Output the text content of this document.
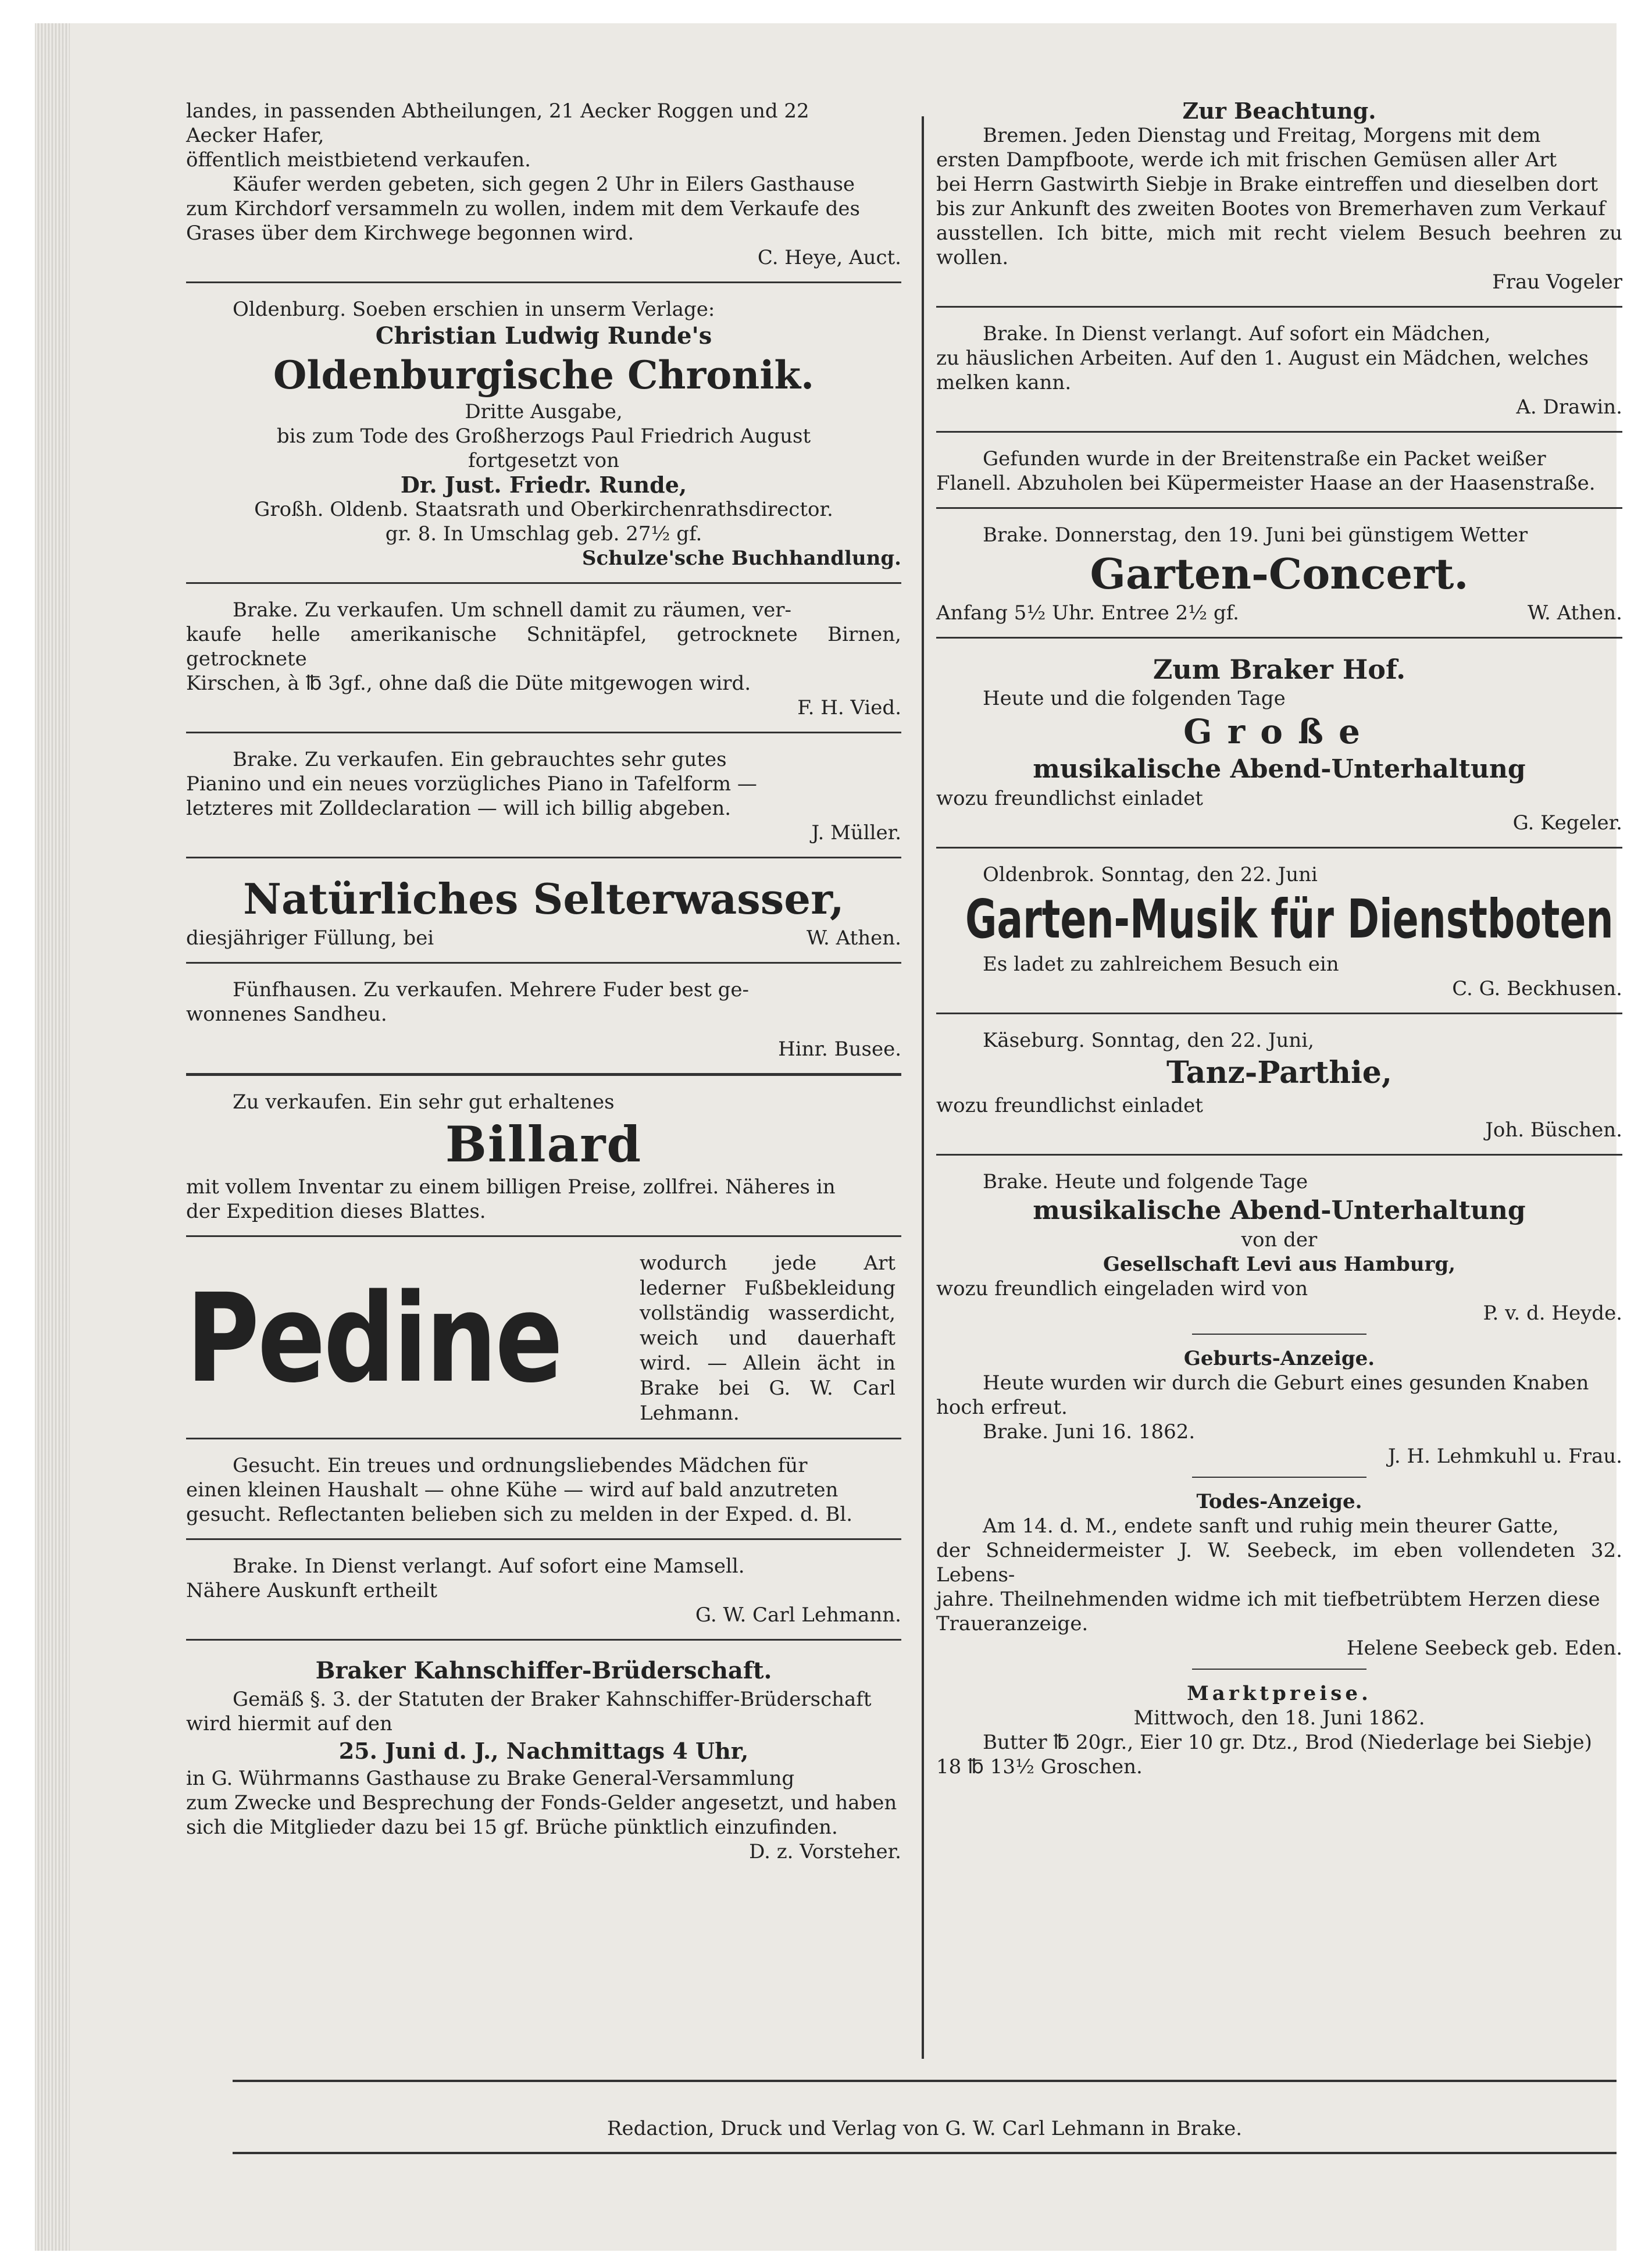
landes, in passenden Abtheilungen, 21 Aecker Roggen und 22

Aecker Hafer,

öffentlich meistbietend verkaufen.

Käufer werden gebeten, sich gegen 2 Uhr in Eilers Gasthause

zum Kirchdorf versammeln zu wollen, indem mit dem Verkaufe des

Grases über dem Kirchwege begonnen wird.

C. Heye, Auct.

Oldenburg. Soeben erschien in unserm Verlage:

Christian Ludwig Runde's

Oldenburgische Chronik.

Dritte Ausgabe,

bis zum Tode des Großherzogs Paul Friedrich August

fortgesetzt von

Dr. Just. Friedr. Runde,

Großh. Oldenb. Staatsrath und Oberkirchenrathsdirector.

gr. 8. In Umschlag geb. 27½ gf.

Schulze'sche Buchhandlung.

Brake. Zu verkaufen. Um schnell damit zu räumen, ver-

kaufe helle amerikanische Schnitäpfel, getrocknete Birnen, getrocknete

Kirschen, à ℔ 3gf., ohne daß die Düte mitgewogen wird.

F. H. Vied.

Brake. Zu verkaufen. Ein gebrauchtes sehr gutes

Pianino und ein neues vorzügliches Piano in Tafelform —

letzteres mit Zolldeclaration — will ich billig abgeben.

J. Müller.

Natürliches Selterwasser,

diesjähriger Füllung, bei	W. Athen.

Fünfhausen. Zu verkaufen. Mehrere Fuder best ge-

wonnenes Sandheu.

Hinr. Busee.

Zu verkaufen. Ein sehr gut erhaltenes

Billard

mit vollem Inventar zu einem billigen Preise, zollfrei. Näheres in

der Expedition dieses Blattes.

Pedine
wodurch jede Art lederner Fußbekleidung vollständig wasserdicht, weich und dauerhaft wird. — Allein ächt in Brake bei G. W. Carl Lehmann.

Gesucht. Ein treues und ordnungsliebendes Mädchen für

einen kleinen Haushalt — ohne Kühe — wird auf bald anzutreten

gesucht. Reflectanten belieben sich zu melden in der Exped. d. Bl.

Brake. In Dienst verlangt. Auf sofort eine Mamsell.

Nähere Auskunft ertheilt

G. W. Carl Lehmann.

Braker Kahnschiffer-Brüderschaft.

Gemäß §. 3. der Statuten der Braker Kahnschiffer-Brüderschaft

wird hiermit auf den

25. Juni d. J., Nachmittags 4 Uhr,

in G. Wührmanns Gasthause zu Brake General-Versammlung

zum Zwecke und Besprechung der Fonds-Gelder angesetzt, und haben

sich die Mitglieder dazu bei 15 gf. Brüche pünktlich einzufinden.

D. z. Vorsteher.

Zur Beachtung.

Bremen. Jeden Dienstag und Freitag, Morgens mit dem

ersten Dampfboote, werde ich mit frischen Gemüsen aller Art

bei Herrn Gastwirth Siebje in Brake eintreffen und dieselben dort

bis zur Ankunft des zweiten Bootes von Bremerhaven zum Verkauf

ausstellen. Ich bitte, mich mit recht vielem Besuch beehren zu wollen.

Frau Vogeler

Brake. In Dienst verlangt. Auf sofort ein Mädchen,

zu häuslichen Arbeiten. Auf den 1. August ein Mädchen, welches

melken kann.

A. Drawin.

Gefunden wurde in der Breitenstraße ein Packet weißer

Flanell. Abzuholen bei Küpermeister Haase an der Haasenstraße.

Brake. Donnerstag, den 19. Juni bei günstigem Wetter

Garten-Concert.

Anfang 5½ Uhr. Entree 2½ gf.	W. Athen.

Zum Braker Hof.

Heute und die folgenden Tage

Große

musikalische Abend-Unterhaltung

wozu freundlichst einladet

G. Kegeler.

Oldenbrok. Sonntag, den 22. Juni

Garten-Musik für Dienstboten

Es ladet zu zahlreichem Besuch ein

C. G. Beckhusen.

Käseburg. Sonntag, den 22. Juni,

Tanz-Parthie,

wozu freundlichst einladet

Joh. Büschen.

Brake. Heute und folgende Tage

musikalische Abend-Unterhaltung

von der

Gesellschaft Levi aus Hamburg,

wozu freundlich eingeladen wird von

P. v. d. Heyde.

Geburts-Anzeige.

Heute wurden wir durch die Geburt eines gesunden Knaben

hoch erfreut.

Brake. Juni 16. 1862.

J. H. Lehmkuhl u. Frau.

Todes-Anzeige.

Am 14. d. M., endete sanft und ruhig mein theurer Gatte,

der Schneidermeister J. W. Seebeck, im eben vollendeten 32. Lebens-

jahre. Theilnehmenden widme ich mit tiefbetrübtem Herzen diese

Traueranzeige.

Helene Seebeck geb. Eden.

Marktpreise.

Mittwoch, den 18. Juni 1862.

Butter ℔ 20gr., Eier 10 gr. Dtz., Brod (Niederlage bei Siebje)

18 ℔ 13½ Groschen.

Redaction, Druck und Verlag von G. W. Carl Lehmann in Brake.
